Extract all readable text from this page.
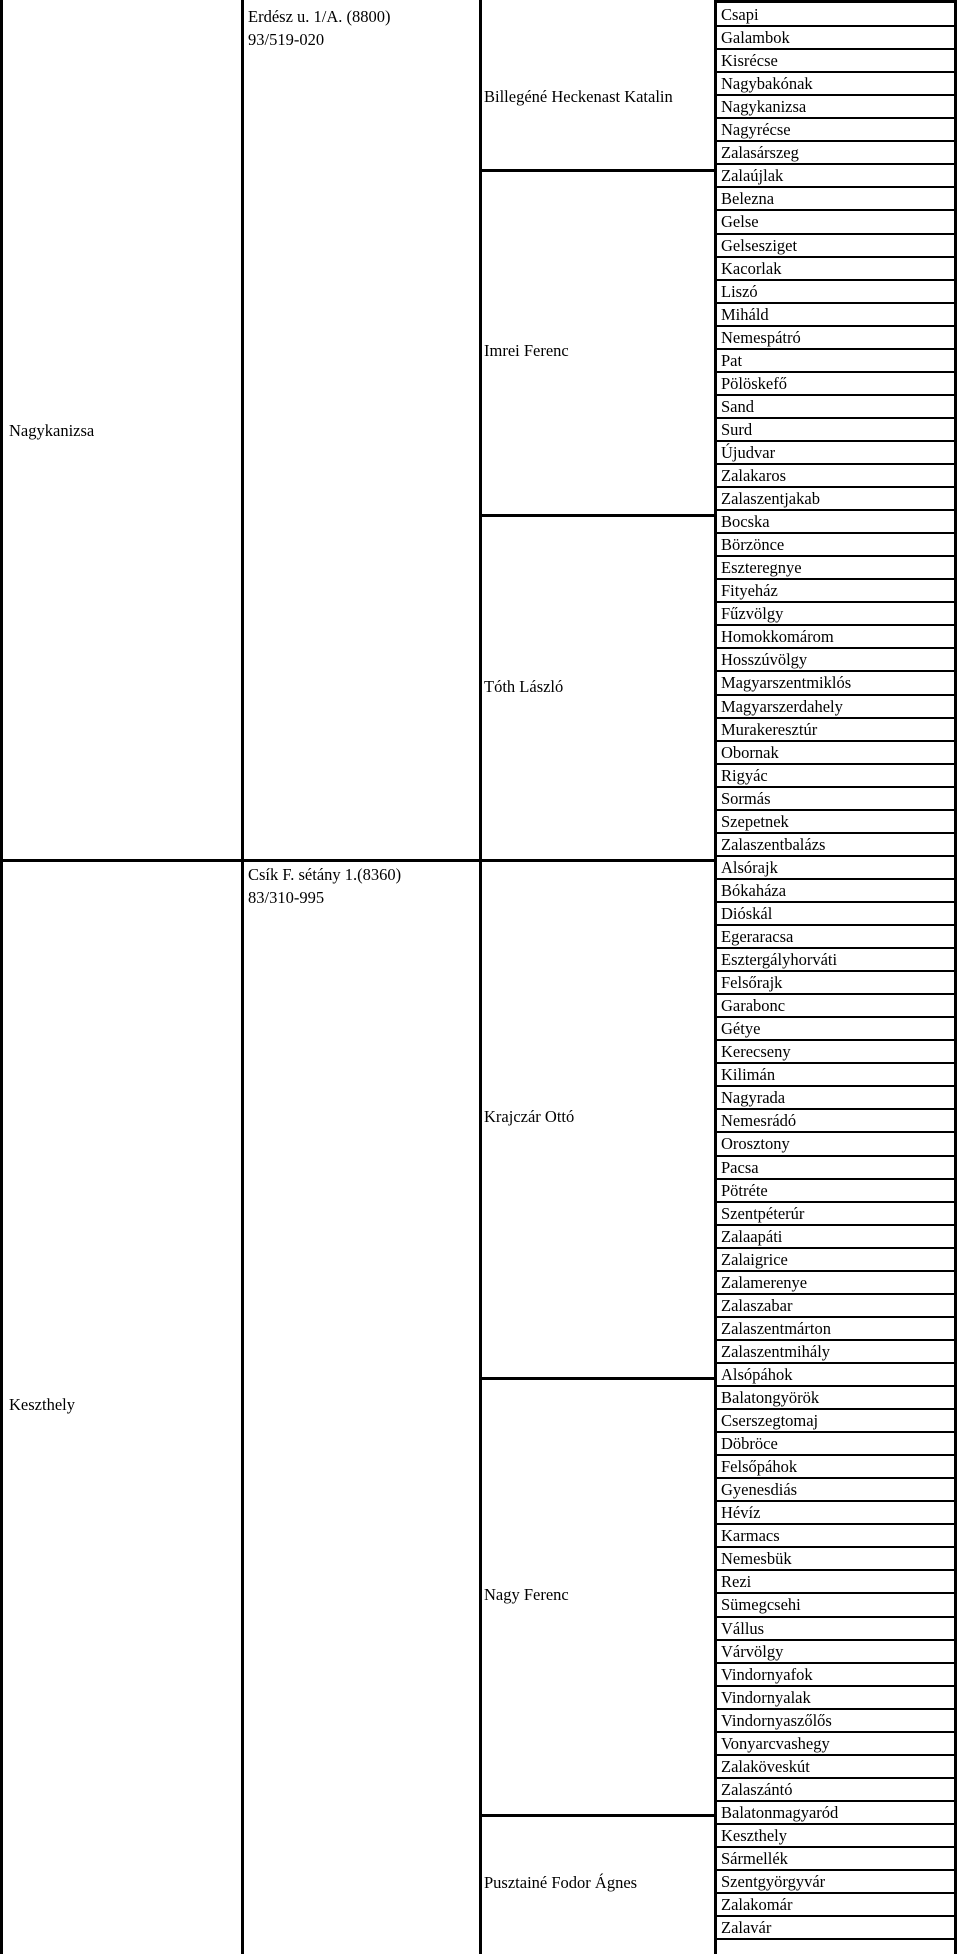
Nagykanizsa
Erdész u. 1/A. (8800)
93/519-020
Billegéné Heckenast Katalin
Imrei Ferenc
Tóth László
Keszthely
Csík F. sétány 1.(8360)
83/310-995
Krajczár Ottó
Nagy Ferenc
Pusztainé Fodor Ágnes
Csapi
Galambok
Kisrécse
Nagybakónak
Nagykanizsa
Nagyrécse
Zalasárszeg
Zalaújlak
Belezna
Gelse
Gelsesziget
Kacorlak
Liszó
Miháld
Nemespátró
Pat
Pölöskefő
Sand
Surd
Újudvar
Zalakaros
Zalaszentjakab
Bocska
Börzönce
Eszteregnye
Fityeház
Fűzvölgy
Homokkomárom
Hosszúvölgy
Magyarszentmiklós
Magyarszerdahely
Murakeresztúr
Obornak
Rigyác
Sormás
Szepetnek
Zalaszentbalázs
Alsórajk
Bókaháza
Dióskál
Egeraracsa
Esztergályhorváti
Felsőrajk
Garabonc
Gétye
Kerecseny
Kilimán
Nagyrada
Nemesrádó
Orosztony
Pacsa
Pötréte
Szentpéterúr
Zalaapáti
Zalaigrice
Zalamerenye
Zalaszabar
Zalaszentmárton
Zalaszentmihály
Alsópáhok
Balatongyörök
Cserszegtomaj
Döbröce
Felsőpáhok
Gyenesdiás
Hévíz
Karmacs
Nemesbük
Rezi
Sümegcsehi
Vállus
Várvölgy
Vindornyafok
Vindornyalak
Vindornyaszőlős
Vonyarcvashegy
Zalaköveskút
Zalaszántó
Balatonmagyaród
Keszthely
Sármellék
Szentgyörgyvár
Zalakomár
Zalavár
